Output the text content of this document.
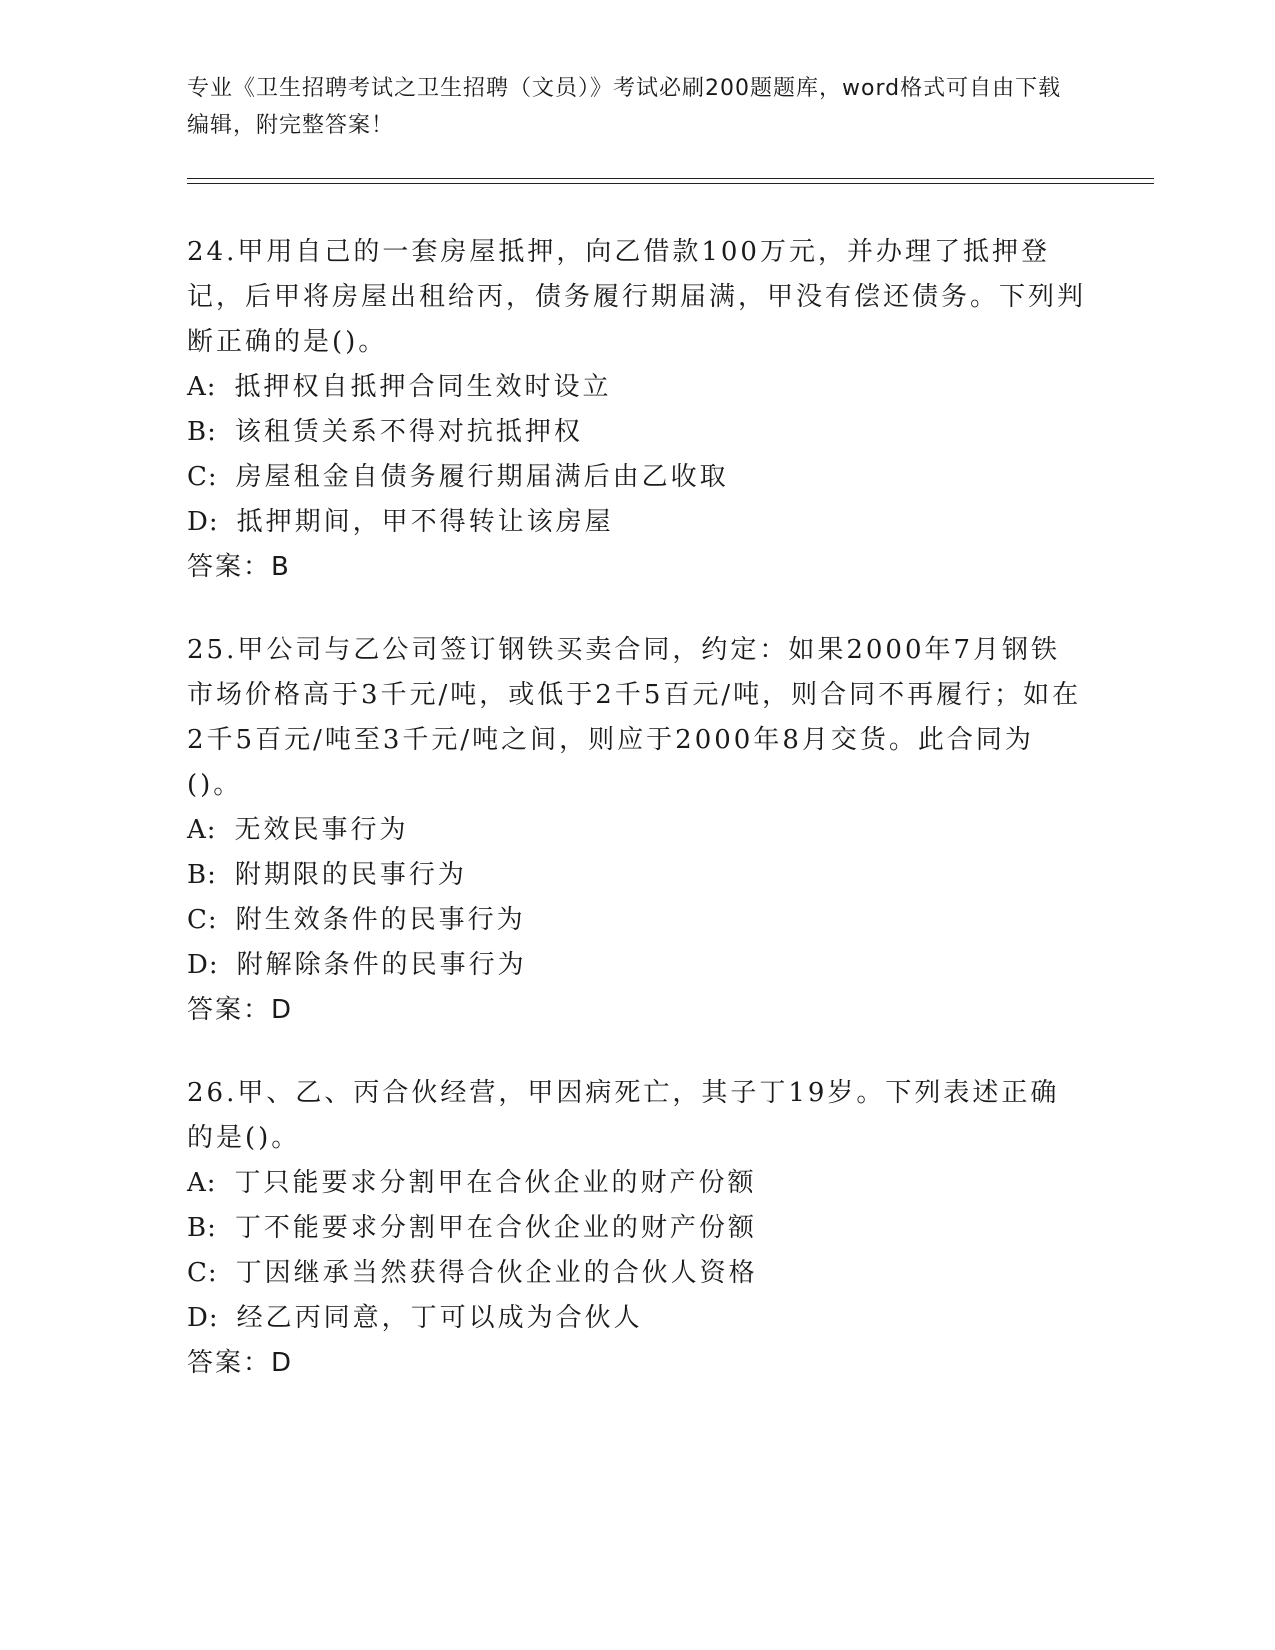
专业《卫生招聘考试之卫生招聘（文员）》考试必刷200题题库，word格式可自由下载编辑，附完整答案！

24.甲用自己的一套房屋抵押，向乙借款100万元，并办理了抵押登记，后甲将房屋出租给丙，债务履行期届满，甲没有偿还债务。下列判断正确的是()。

A: 抵押权自抵押合同生效时设立
B: 该租赁关系不得对抗抵押权
C: 房屋租金自债务履行期届满后由乙收取
D: 抵押期间，甲不得转让该房屋

答案：B

25.甲公司与乙公司签订钢铁买卖合同，约定：如果2000年7月钢铁市场价格高于3千元/吨，或低于2千5百元/吨，则合同不再履行；如在2千5百元/吨至3千元/吨之间，则应于2000年8月交货。此合同为()。

A: 无效民事行为
B: 附期限的民事行为
C: 附生效条件的民事行为
D: 附解除条件的民事行为

答案：D

26.甲、乙、丙合伙经营，甲因病死亡，其子丁19岁。下列表述正确的是()。

A: 丁只能要求分割甲在合伙企业的财产份额
B: 丁不能要求分割甲在合伙企业的财产份额
C: 丁因继承当然获得合伙企业的合伙人资格
D: 经乙丙同意，丁可以成为合伙人

答案：D
